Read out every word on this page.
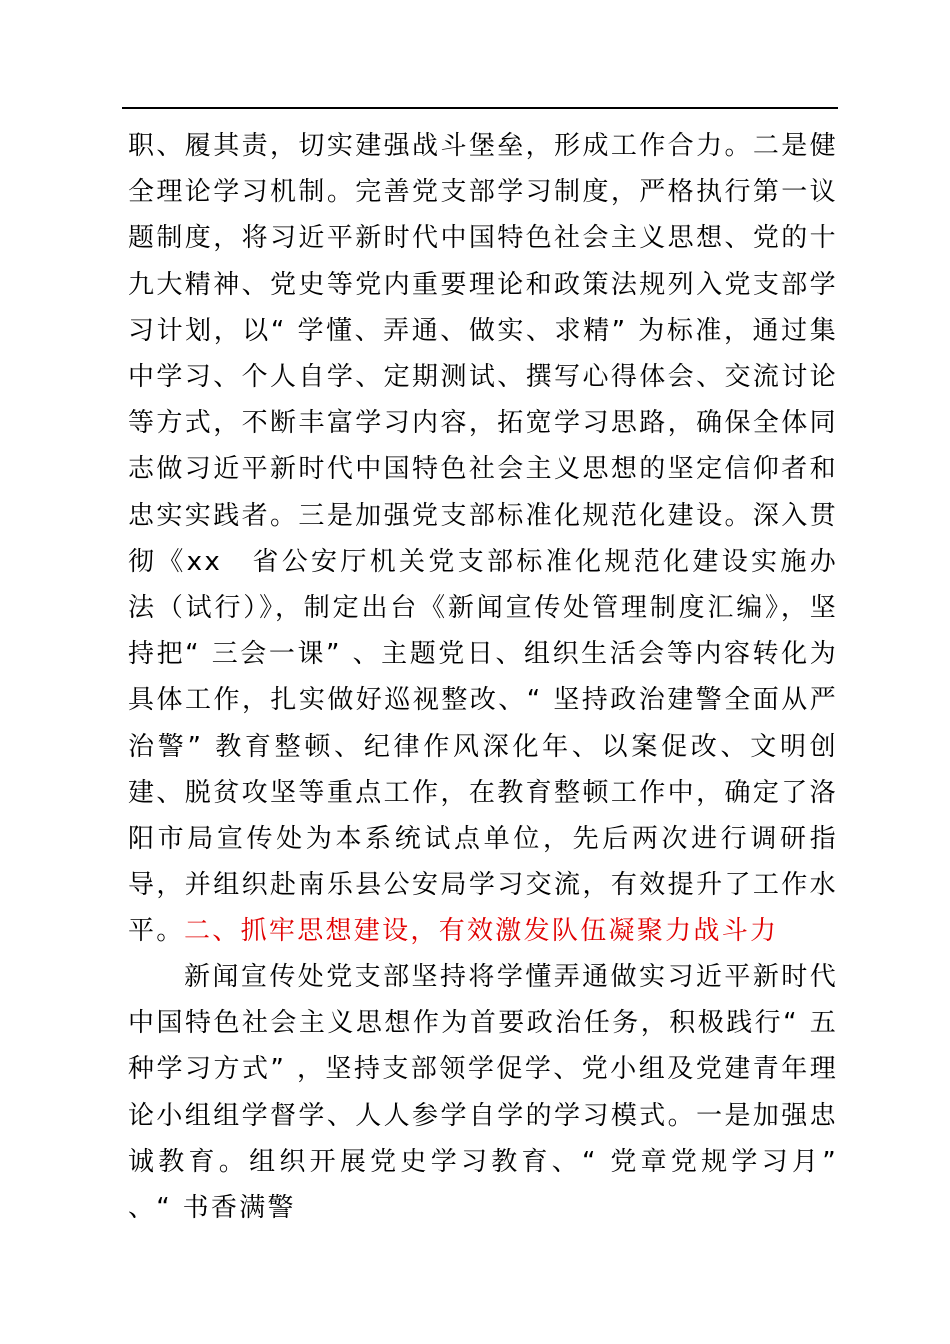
职、履其责，切实建强战斗堡垒，形成工作合力。二是健全理论学习机制。完善党支部学习制度，严格执行第一议题制度，将习近平新时代中国特色社会主义思想、党的十九大精神、党史等党内重要理论和政策法规列入党支部学习计划，以“ 学懂、弄通、做实、求精” 为标准，通过集中学习、个人自学、定期测试、撰写心得体会、交流讨论等方式，不断丰富学习内容，拓宽学习思路，确保全体同志做习近平新时代中国特色社会主义思想的坚定信仰者和忠实实践者。三是加强党支部标准化规范化建设。深入贯彻《xx　省公安厅机关党支部标准化规范化建设实施办法（试行）》，制定出台《新闻宣传处管理制度汇编》，坚持把“ 三会一课” 、主题党日、组织生活会等内容转化为具体工作，扎实做好巡视整改、“ 坚持政治建警全面从严治警” 教育整顿、纪律作风深化年、以案促改、文明创建、脱贫攻坚等重点工作，在教育整顿工作中，确定了洛阳市局宣传处为本系统试点单位，先后两次进行调研指导，并组织赴南乐县公安局学习交流，有效提升了工作水平。 二、抓牢思想建设，有效激发队伍凝聚力战斗力

新闻宣传处党支部坚持将学懂弄通做实习近平新时代中国特色社会主义思想作为首要政治任务，积极践行“ 五种学习方式” ，坚持支部领学促学、党小组及党建青年理论小组组学督学、人人参学自学的学习模式。一是加强忠诚教育。组织开展党史学习教育、“ 党章党规学习月” 、“ 书香满警
